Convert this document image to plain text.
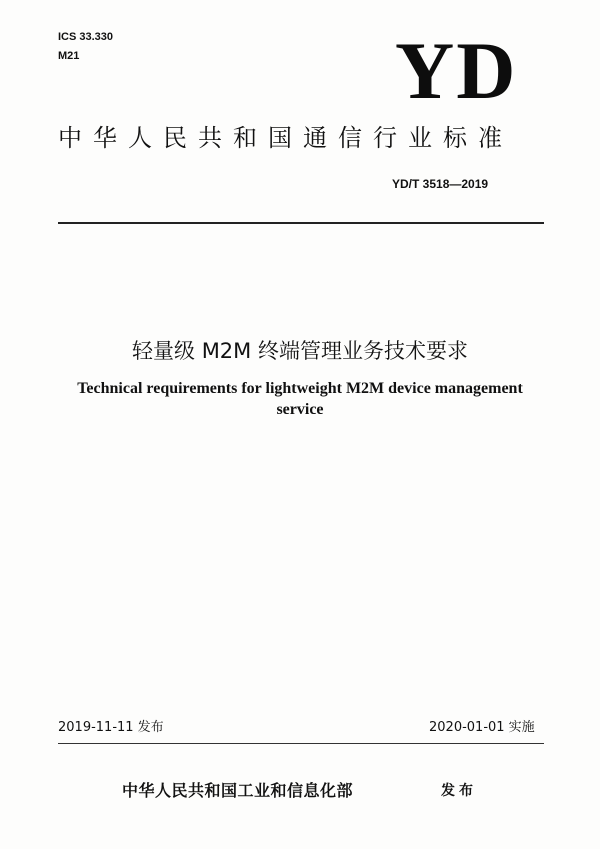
ICS 33.330
M21	YD
中华人民共和国通信行业标准
YD/T 3518—2019
轻量级 M2M 终端管理业务技术要求
Technical requirements for lightweight M2M device management
service
2019-11-11 发布	2020-01-01 实施
中华人民共和国工业和信息化部	发布
